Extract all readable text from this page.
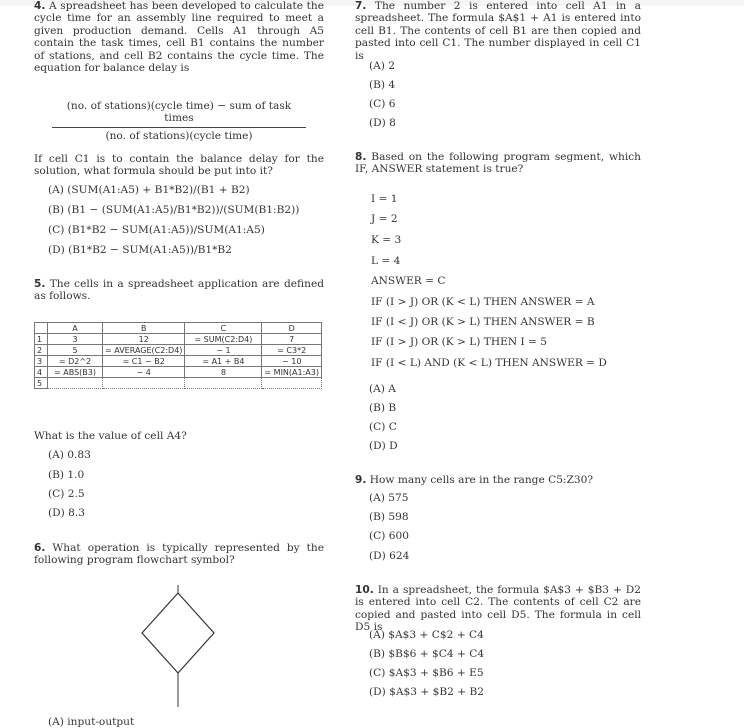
4. A spreadsheet has been developed to calculate the cycle time for an assembly line required to meet a given production demand. Cells A1 through A5 contain the task times, cell B1 contains the number of stations, and cell B2 contains the cycle time. The equation for balance delay is
(no. of stations)(cycle time) − sum of task times
(no. of stations)(cycle time)
If cell C1 is to contain the balance delay for the solution, what formula should be put into it?
(A) (SUM(A1:A5) + B1*B2)/(B1 + B2)
(B) (B1 − (SUM(A1:A5)/B1*B2))/(SUM(B1:B2))
(C) (B1*B2 − SUM(A1:A5))/SUM(A1:A5)
(D) (B1*B2 − SUM(A1:A5))/B1*B2
5. The cells in a spreadsheet application are defined as follows.
	A	B	C	D
1	3	12	= SUM(C2:D4)	7
2	5	= AVERAGE(C2:D4)	− 1	= C3*2
3	= D2^2	= C1 − B2	= A1 + B4	− 10
4	= ABS(B3)	− 4	8	= MIN(A1:A3)
5				
What is the value of cell A4?
(A) 0.83
(B) 1.0
(C) 2.5
(D) 8.3
6. What operation is typically represented by the following program flowchart symbol?
(A) input-output
7. The number 2 is entered into cell A1 in a spreadsheet. The formula $A$1 + A1 is entered into cell B1. The contents of cell B1 are then copied and pasted into cell C1. The number displayed in cell C1 is
(A) 2
(B) 4
(C) 6
(D) 8
8. Based on the following program segment, which IF, ANSWER statement is true?
I = 1
J = 2
K = 3
L = 4
ANSWER = C
IF (I > J) OR (K < L) THEN ANSWER = A
IF (I < J) OR (K > L) THEN ANSWER = B
IF (I > J) OR (K > L) THEN I = 5
IF (I < L) AND (K < L) THEN ANSWER = D
(A) A
(B) B
(C) C
(D) D
9. How many cells are in the range C5:Z30?
(A) 575
(B) 598
(C) 600
(D) 624
10. In a spreadsheet, the formula $A$3 + $B3 + D2 is entered into cell C2. The contents of cell C2 are copied and pasted into cell D5. The formula in cell D5 is
(A) $A$3 + C$2 + C4
(B) $B$6 + $C4 + C4
(C) $A$3 + $B6 + E5
(D) $A$3 + $B2 + B2
